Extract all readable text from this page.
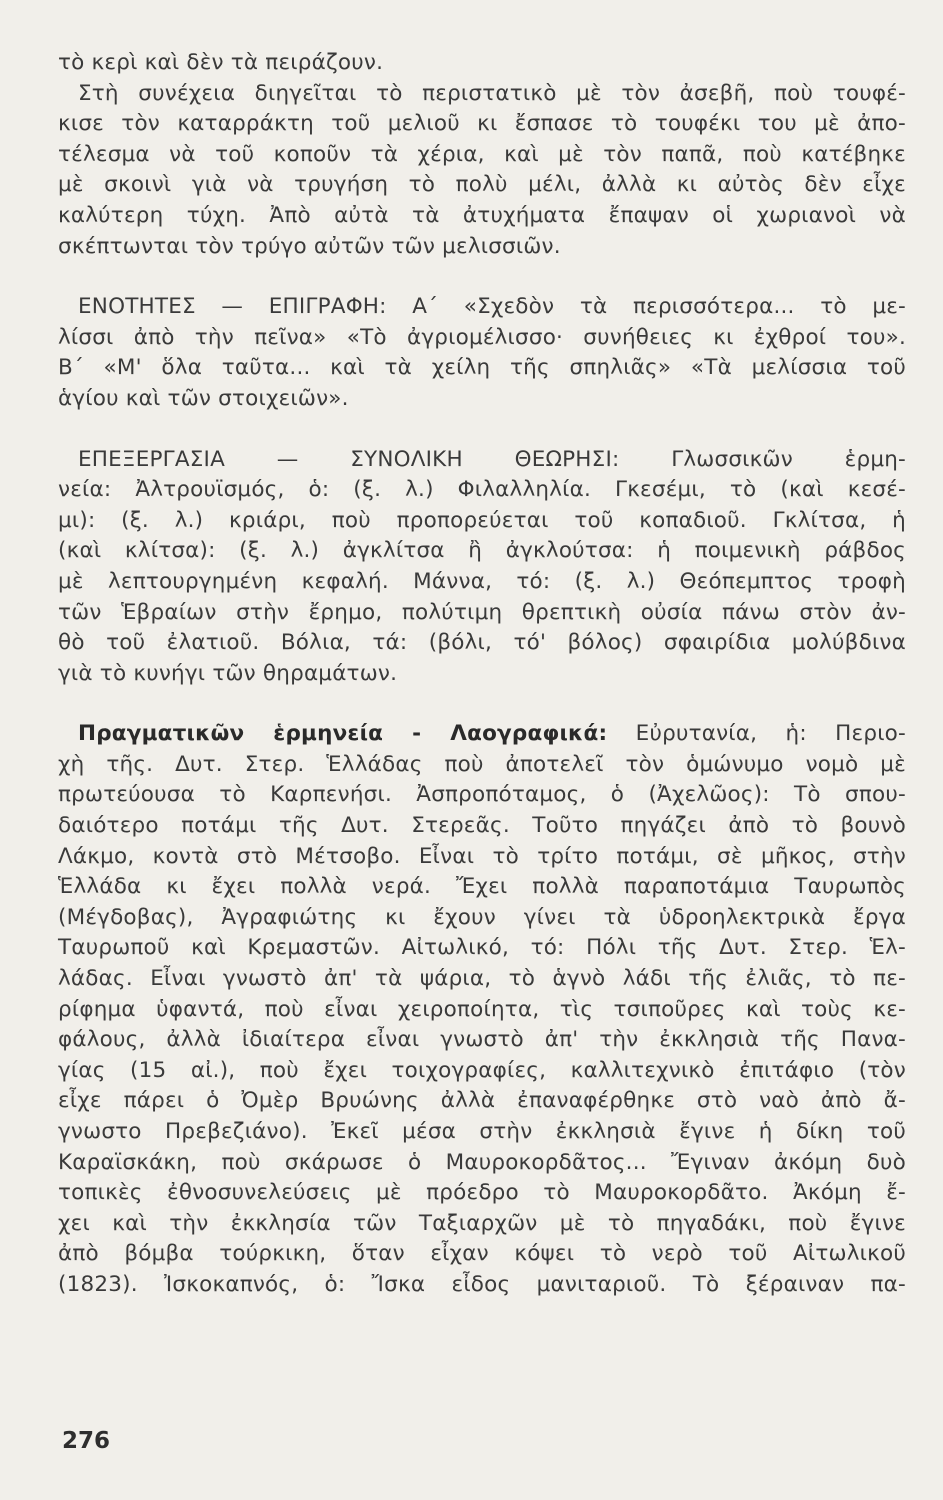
τὸ κερὶ καὶ δὲν τὰ πειράζουν.
Στὴ συνέχεια διηγεῖται τὸ περιστατικὸ μὲ τὸν ἀσεβῆ, ποὺ τουφέ-
κισε τὸν καταρράκτη τοῦ μελιοῦ κι ἔσπασε τὸ τουφέκι του μὲ ἀπο-
τέλεσμα νὰ τοῦ κοποῦν τὰ χέρια, καὶ μὲ τὸν παπᾶ, ποὺ κατέβηκε
μὲ σκοινὶ γιὰ νὰ τρυγήση τὸ πολὺ μέλι, ἀλλὰ κι αὐτὸς δὲν εἶχε
καλύτερη τύχη. Ἀπὸ αὐτὰ τὰ ἀτυχήματα ἔπαψαν οἱ χωριανοὶ νὰ
σκέπτωνται τὸν τρύγο αὐτῶν τῶν μελισσιῶν.
ΕΝΟΤΗΤΕΣ — ΕΠΙΓΡΑΦΗ: Α΄ «Σχεδὸν τὰ περισσότερα... τὸ με-
λίσσι ἀπὸ τὴν πεῖνα» «Τὸ ἀγριομέλισσο· συνήθειες κι ἐχθροί του».
Β΄ «Μ' ὅλα ταῦτα... καὶ τὰ χείλη τῆς σπηλιᾶς» «Τὰ μελίσσια τοῦ
ἁγίου καὶ τῶν στοιχειῶν».
ΕΠΕΞΕΡΓΑΣΙΑ — ΣΥΝΟΛΙΚΗ ΘΕΩΡΗΣΙ: Γλωσσικῶν ἑρμη-
νεία: Ἀλτρουϊσμός, ὁ: (ξ. λ.) Φιλαλληλία. Γκεσέμι, τὸ (καὶ κεσέ-
μι): (ξ. λ.) κριάρι, ποὺ προπορεύεται τοῦ κοπαδιοῦ. Γκλίτσα, ἡ
(καὶ κλίτσα): (ξ. λ.) ἀγκλίτσα ἢ ἀγκλούτσα: ἡ ποιμενικὴ ράβδος
μὲ λεπτουργημένη κεφαλή. Μάννα, τό: (ξ. λ.) Θεόπεμπτος τροφὴ
τῶν Ἑβραίων στὴν ἔρημο, πολύτιμη θρεπτικὴ οὐσία πάνω στὸν ἀν-
θὸ τοῦ ἐλατιοῦ. Βόλια, τά: (βόλι, τό' βόλος) σφαιρίδια μολύβδινα
γιὰ τὸ κυνήγι τῶν θηραμάτων.
Πραγματικῶν ἑρμηνεία - Λαογραφικά: Εὐρυτανία, ἡ: Περιο-
χὴ τῆς. Δυτ. Στερ. Ἑλλάδας ποὺ ἀποτελεῖ τὸν ὁμώνυμο νομὸ μὲ
πρωτεύουσα τὸ Καρπενήσι. Ἀσπροπόταμος, ὁ (Ἀχελῶος): Τὸ σπου-
δαιότερο ποτάμι τῆς Δυτ. Στερεᾶς. Τοῦτο πηγάζει ἀπὸ τὸ βουνὸ
Λάκμο, κοντὰ στὸ Μέτσοβο. Εἶναι τὸ τρίτο ποτάμι, σὲ μῆκος, στὴν
Ἑλλάδα κι ἔχει πολλὰ νερά. Ἔχει πολλὰ παραποτάμια Ταυρωπὸς
(Μέγδοβας), Ἀγραφιώτης κι ἔχουν γίνει τὰ ὑδροηλεκτρικὰ ἔργα
Ταυρωποῦ καὶ Κρεμαστῶν. Αἰτωλικό, τό: Πόλι τῆς Δυτ. Στερ. Ἑλ-
λάδας. Εἶναι γνωστὸ ἀπ' τὰ ψάρια, τὸ ἁγνὸ λάδι τῆς ἐλιᾶς, τὸ πε-
ρίφημα ὑφαντά, ποὺ εἶναι χειροποίητα, τὶς τσιποῦρες καὶ τοὺς κε-
φάλους, ἀλλὰ ἰδιαίτερα εἶναι γνωστὸ ἀπ' τὴν ἐκκλησιὰ τῆς Πανα-
γίας (15 αἰ.), ποὺ ἔχει τοιχογραφίες, καλλιτεχνικὸ ἐπιτάφιο (τὸν
εἶχε πάρει ὁ Ὀμὲρ Βρυώνης ἀλλὰ ἐπαναφέρθηκε στὸ ναὸ ἀπὸ ἄ-
γνωστο Πρεβεζιάνο). Ἐκεῖ μέσα στὴν ἐκκλησιὰ ἔγινε ἡ δίκη τοῦ
Καραϊσκάκη, ποὺ σκάρωσε ὁ Μαυροκορδᾶτος... Ἔγιναν ἀκόμη δυὸ
τοπικὲς ἐθνοσυνελεύσεις μὲ πρόεδρο τὸ Μαυροκορδᾶτο. Ἀκόμη ἔ-
χει καὶ τὴν ἐκκλησία τῶν Ταξιαρχῶν μὲ τὸ πηγαδάκι, ποὺ ἔγινε
ἀπὸ βόμβα τούρκικη, ὅταν εἶχαν κόψει τὸ νερὸ τοῦ Αἰτωλικοῦ
(1823). Ἰσκοκαπνός, ὁ: Ἴσκα εἶδος μανιταριοῦ. Τὸ ξέραιναν πα-
276
